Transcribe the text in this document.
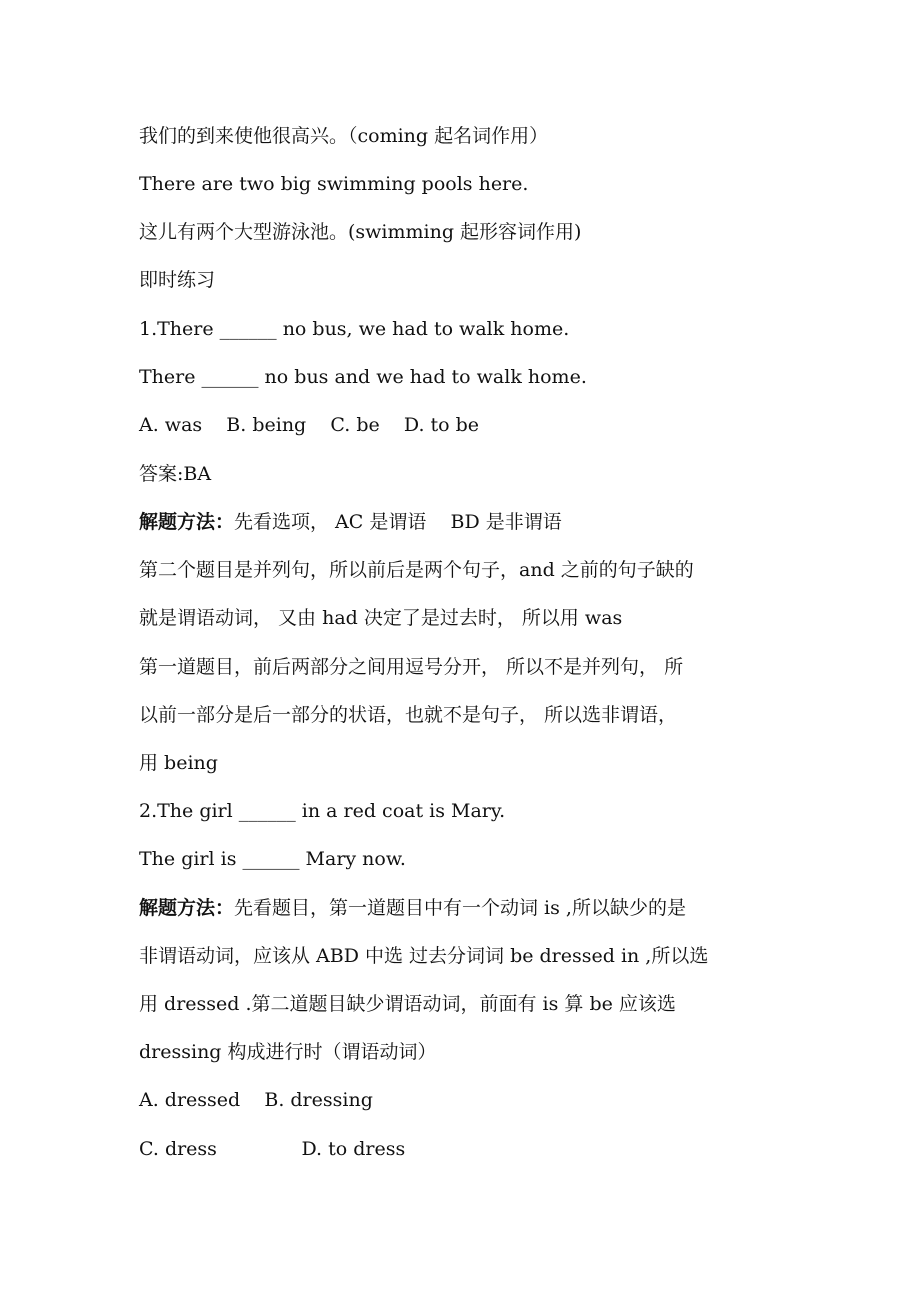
我们的到来使他很高兴。（coming 起名词作用）

There are two big swimming pools here.

这儿有两个大型游泳池。(swimming 起形容词作用)

即时练习

1.There ______ no bus, we had to walk home.

There ______ no bus and we had to walk home.

A. was    B. being    C. be    D. to be

答案:BA

解题方法：先看选项， AC 是谓语    BD 是非谓语

第二个题目是并列句，所以前后是两个句子，and 之前的句子缺的

就是谓语动词， 又由 had 决定了是过去时， 所以用 was

第一道题目，前后两部分之间用逗号分开， 所以不是并列句， 所

以前一部分是后一部分的状语，也就不是句子， 所以选非谓语，

用 being

2.The girl ______ in a red coat is Mary.

The girl is ______ Mary now.

解题方法：先看题目，第一道题目中有一个动词 is ,所以缺少的是

非谓语动词，应该从 ABD 中选 过去分词词 be dressed in ,所以选

用 dressed .第二道题目缺少谓语动词，前面有 is 算 be 应该选

dressing 构成进行时（谓语动词）

A. dressed    B. dressing

C. dress              D. to dress
